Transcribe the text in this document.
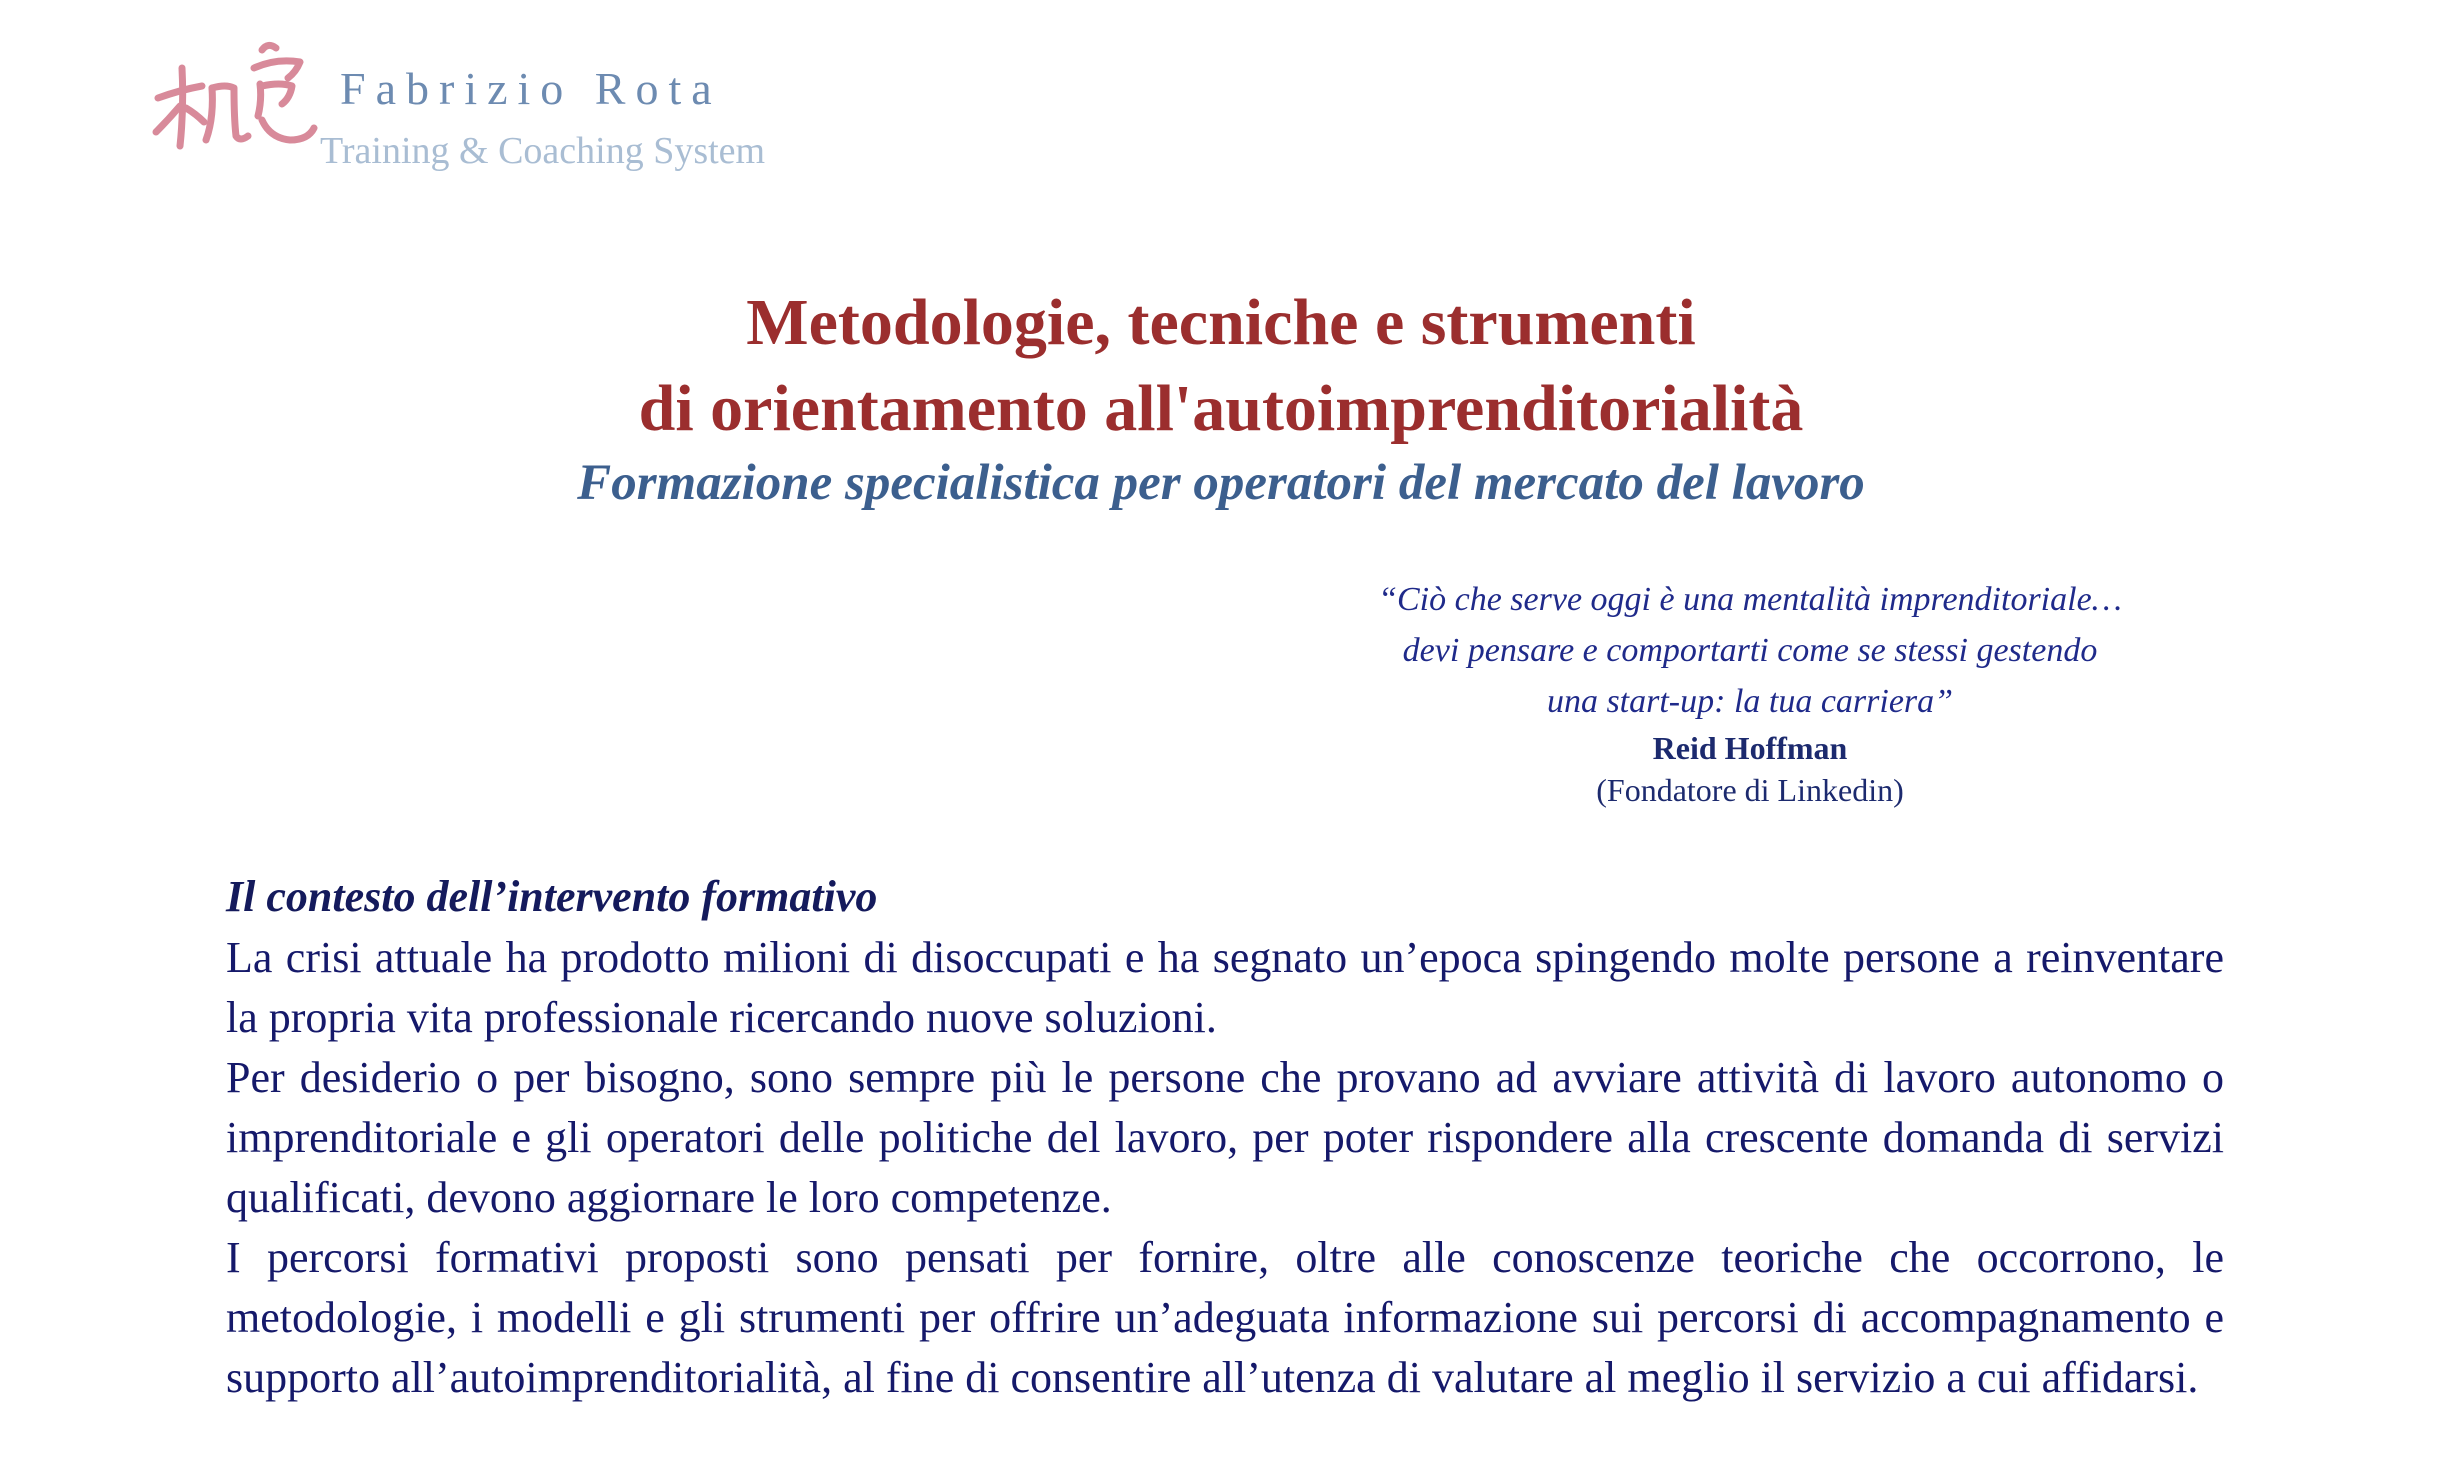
Fabrizio Rota
Training & Coaching System
Metodologie, tecniche e strumenti
di orientamento all'autoimprenditorialità
Formazione specialistica per operatori del mercato del lavoro
“Ciò che serve oggi è una mentalità imprenditoriale…
devi pensare e comportarti come se stessi gestendo
una start-up: la tua carriera”
Reid Hoffman
(Fondatore di Linkedin)
Il contesto dell’intervento formativo

La crisi attuale ha prodotto milioni di disoccupati e ha segnato un’epoca spingendo molte persone a reinventare la propria vita professionale ricercando nuove soluzioni.

Per desiderio o per bisogno, sono sempre più le persone che provano ad avviare attività di lavoro autonomo o imprenditoriale e gli operatori delle politiche del lavoro, per poter rispondere alla crescente domanda di servizi qualificati, devono aggiornare le loro competenze.

I percorsi formativi proposti sono pensati per fornire, oltre alle conoscenze teoriche che occorrono, le metodologie, i modelli e gli strumenti per offrire un’adeguata informazione sui percorsi di accompagnamento e supporto all’autoimprenditorialità, al fine di consentire all’utenza di valutare al meglio il servizio a cui affidarsi.
